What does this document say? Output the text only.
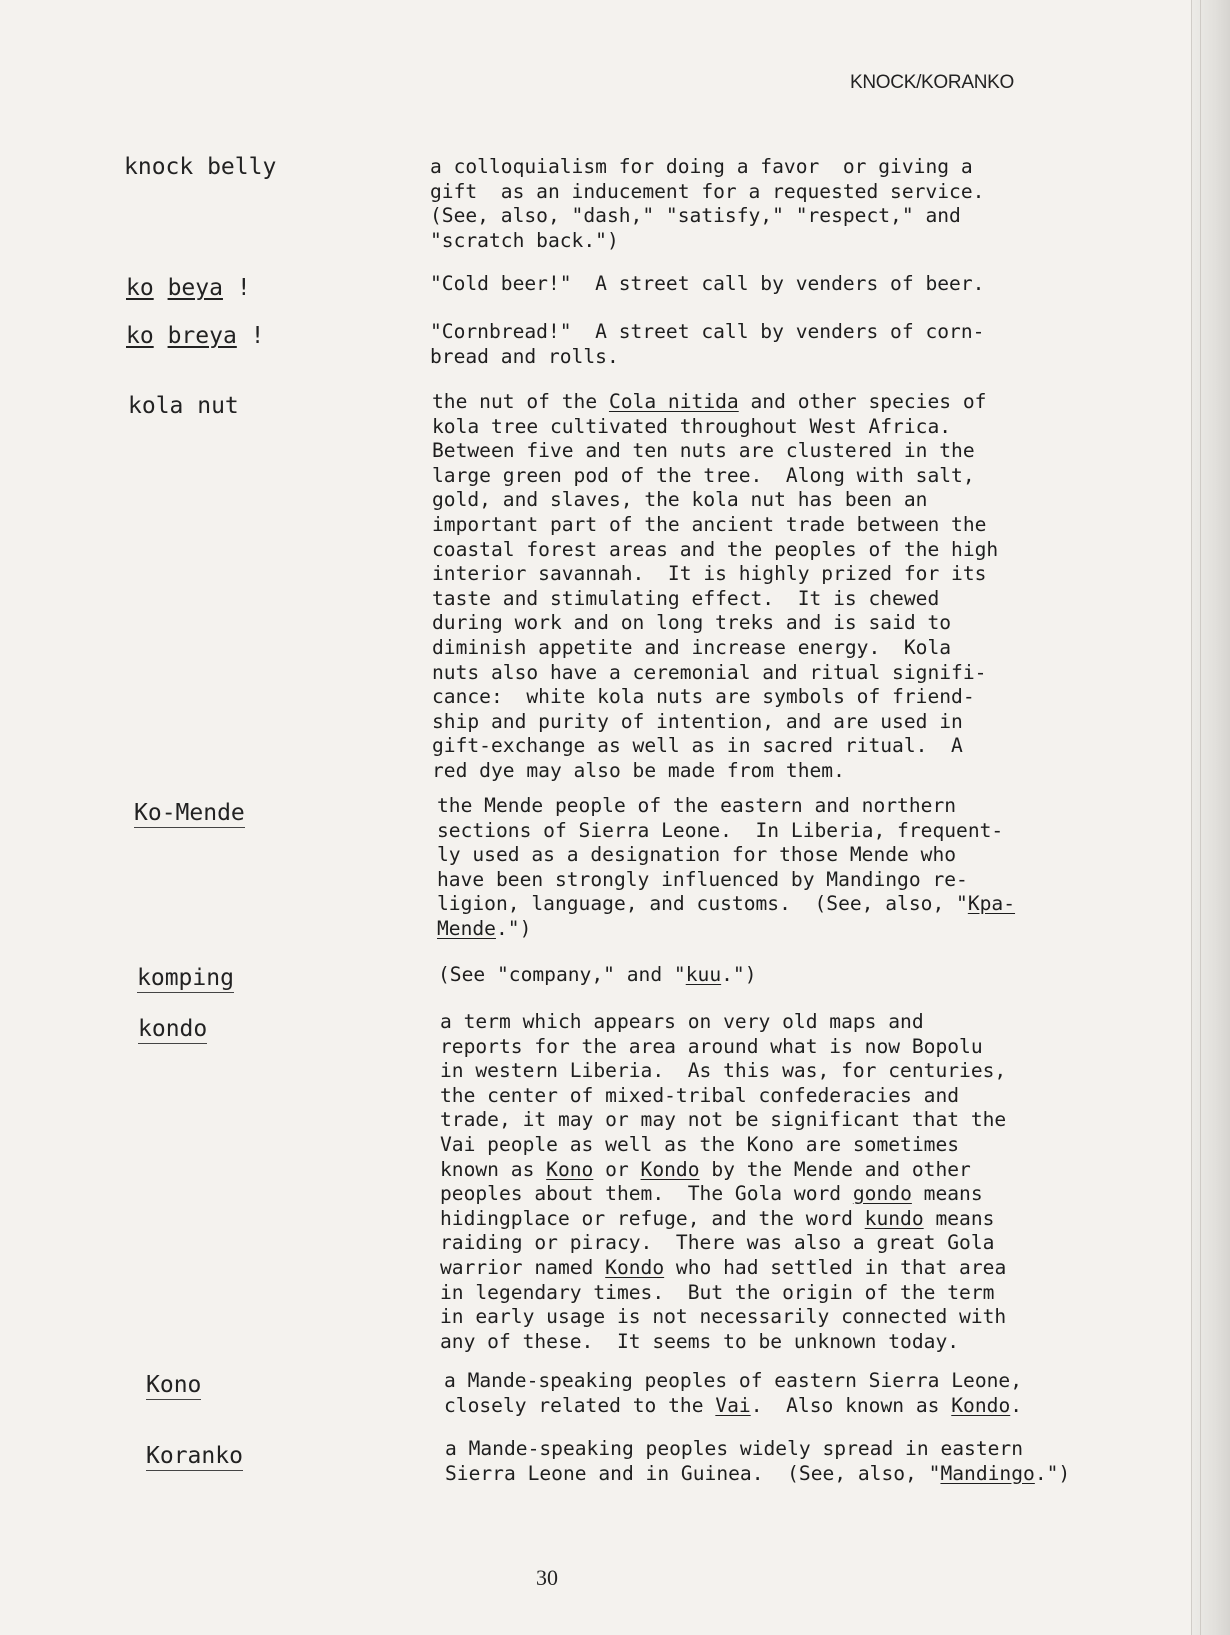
KNOCK/KORANKO
knock belly	a colloquialism for doing a favor  or giving a
gift  as an inducement for a requested service.
(See, also, "dash," "satisfy," "respect," and
"scratch back.")
ko beya !	"Cold beer!"  A street call by venders of beer.
ko breya !	"Cornbread!"  A street call by venders of corn-
bread and rolls.
kola nut	the nut of the Cola nitida and other species of
kola tree cultivated throughout West Africa.
Between five and ten nuts are clustered in the
large green pod of the tree.  Along with salt,
gold, and slaves, the kola nut has been an
important part of the ancient trade between the
coastal forest areas and the peoples of the high
interior savannah.  It is highly prized for its
taste and stimulating effect.  It is chewed
during work and on long treks and is said to
diminish appetite and increase energy.  Kola
nuts also have a ceremonial and ritual signifi-
cance:  white kola nuts are symbols of friend-
ship and purity of intention, and are used in
gift-exchange as well as in sacred ritual.  A
red dye may also be made from them.
Ko-Mende	the Mende people of the eastern and northern
sections of Sierra Leone.  In Liberia, frequent-
ly used as a designation for those Mende who
have been strongly influenced by Mandingo re-
ligion, language, and customs.  (See, also, "Kpa-
Mende.")
komping	(See "company," and "kuu.")
kondo	a term which appears on very old maps and
reports for the area around what is now Bopolu
in western Liberia.  As this was, for centuries,
the center of mixed-tribal confederacies and
trade, it may or may not be significant that the
Vai people as well as the Kono are sometimes
known as Kono or Kondo by the Mende and other
peoples about them.  The Gola word gondo means
hidingplace or refuge, and the word kundo means
raiding or piracy.  There was also a great Gola
warrior named Kondo who had settled in that area
in legendary times.  But the origin of the term
in early usage is not necessarily connected with
any of these.  It seems to be unknown today.
Kono	a Mande-speaking peoples of eastern Sierra Leone,
closely related to the Vai.  Also known as Kondo.
Koranko	a Mande-speaking peoples widely spread in eastern
Sierra Leone and in Guinea.  (See, also, "Mandingo.")
30
